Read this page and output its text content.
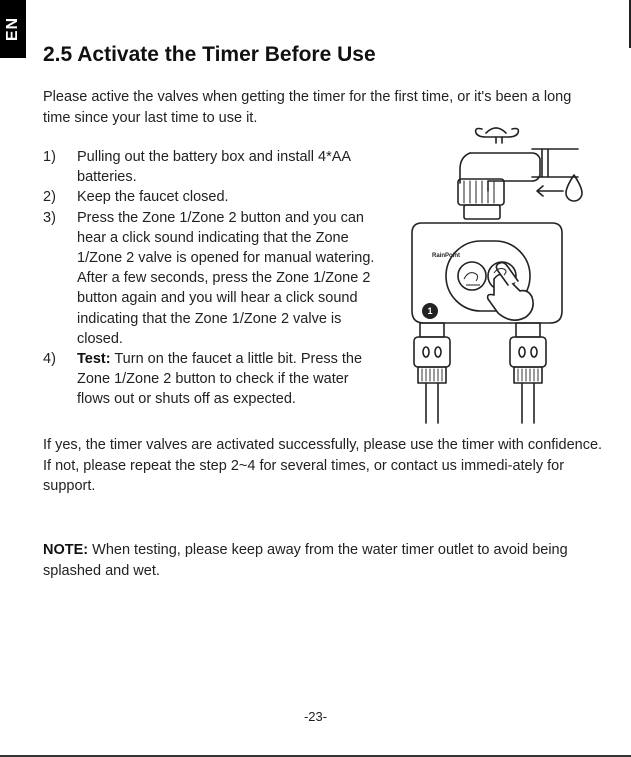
EN
2.5 Activate the Timer Before Use

Please active the valves when getting the timer for the first time, or it's been a long time since your last time to use it.

1) Pulling out the battery box and install 4*AA batteries.
2) Keep the faucet closed.
3) Press the Zone 1/Zone 2 button and you can hear a click sound indicating that the Zone 1/Zone 2 valve is opened for manual watering. After a few seconds, press the Zone 1/Zone 2 button again and you will hear a click sound indicating that the Zone 1/Zone 2 valve is closed.
4) Test: Turn on the faucet a little bit. Press the Zone 1/Zone 2 button to check if the water flows out or shuts off as expected.
RainPoint
1

If yes, the timer valves are activated successfully, please use the timer with confidence.
If not, please repeat the step 2~4 for several times, or contact us immedi-ately for support.

NOTE: When testing, please keep away from the water timer outlet to avoid being splashed and wet.

-23-
